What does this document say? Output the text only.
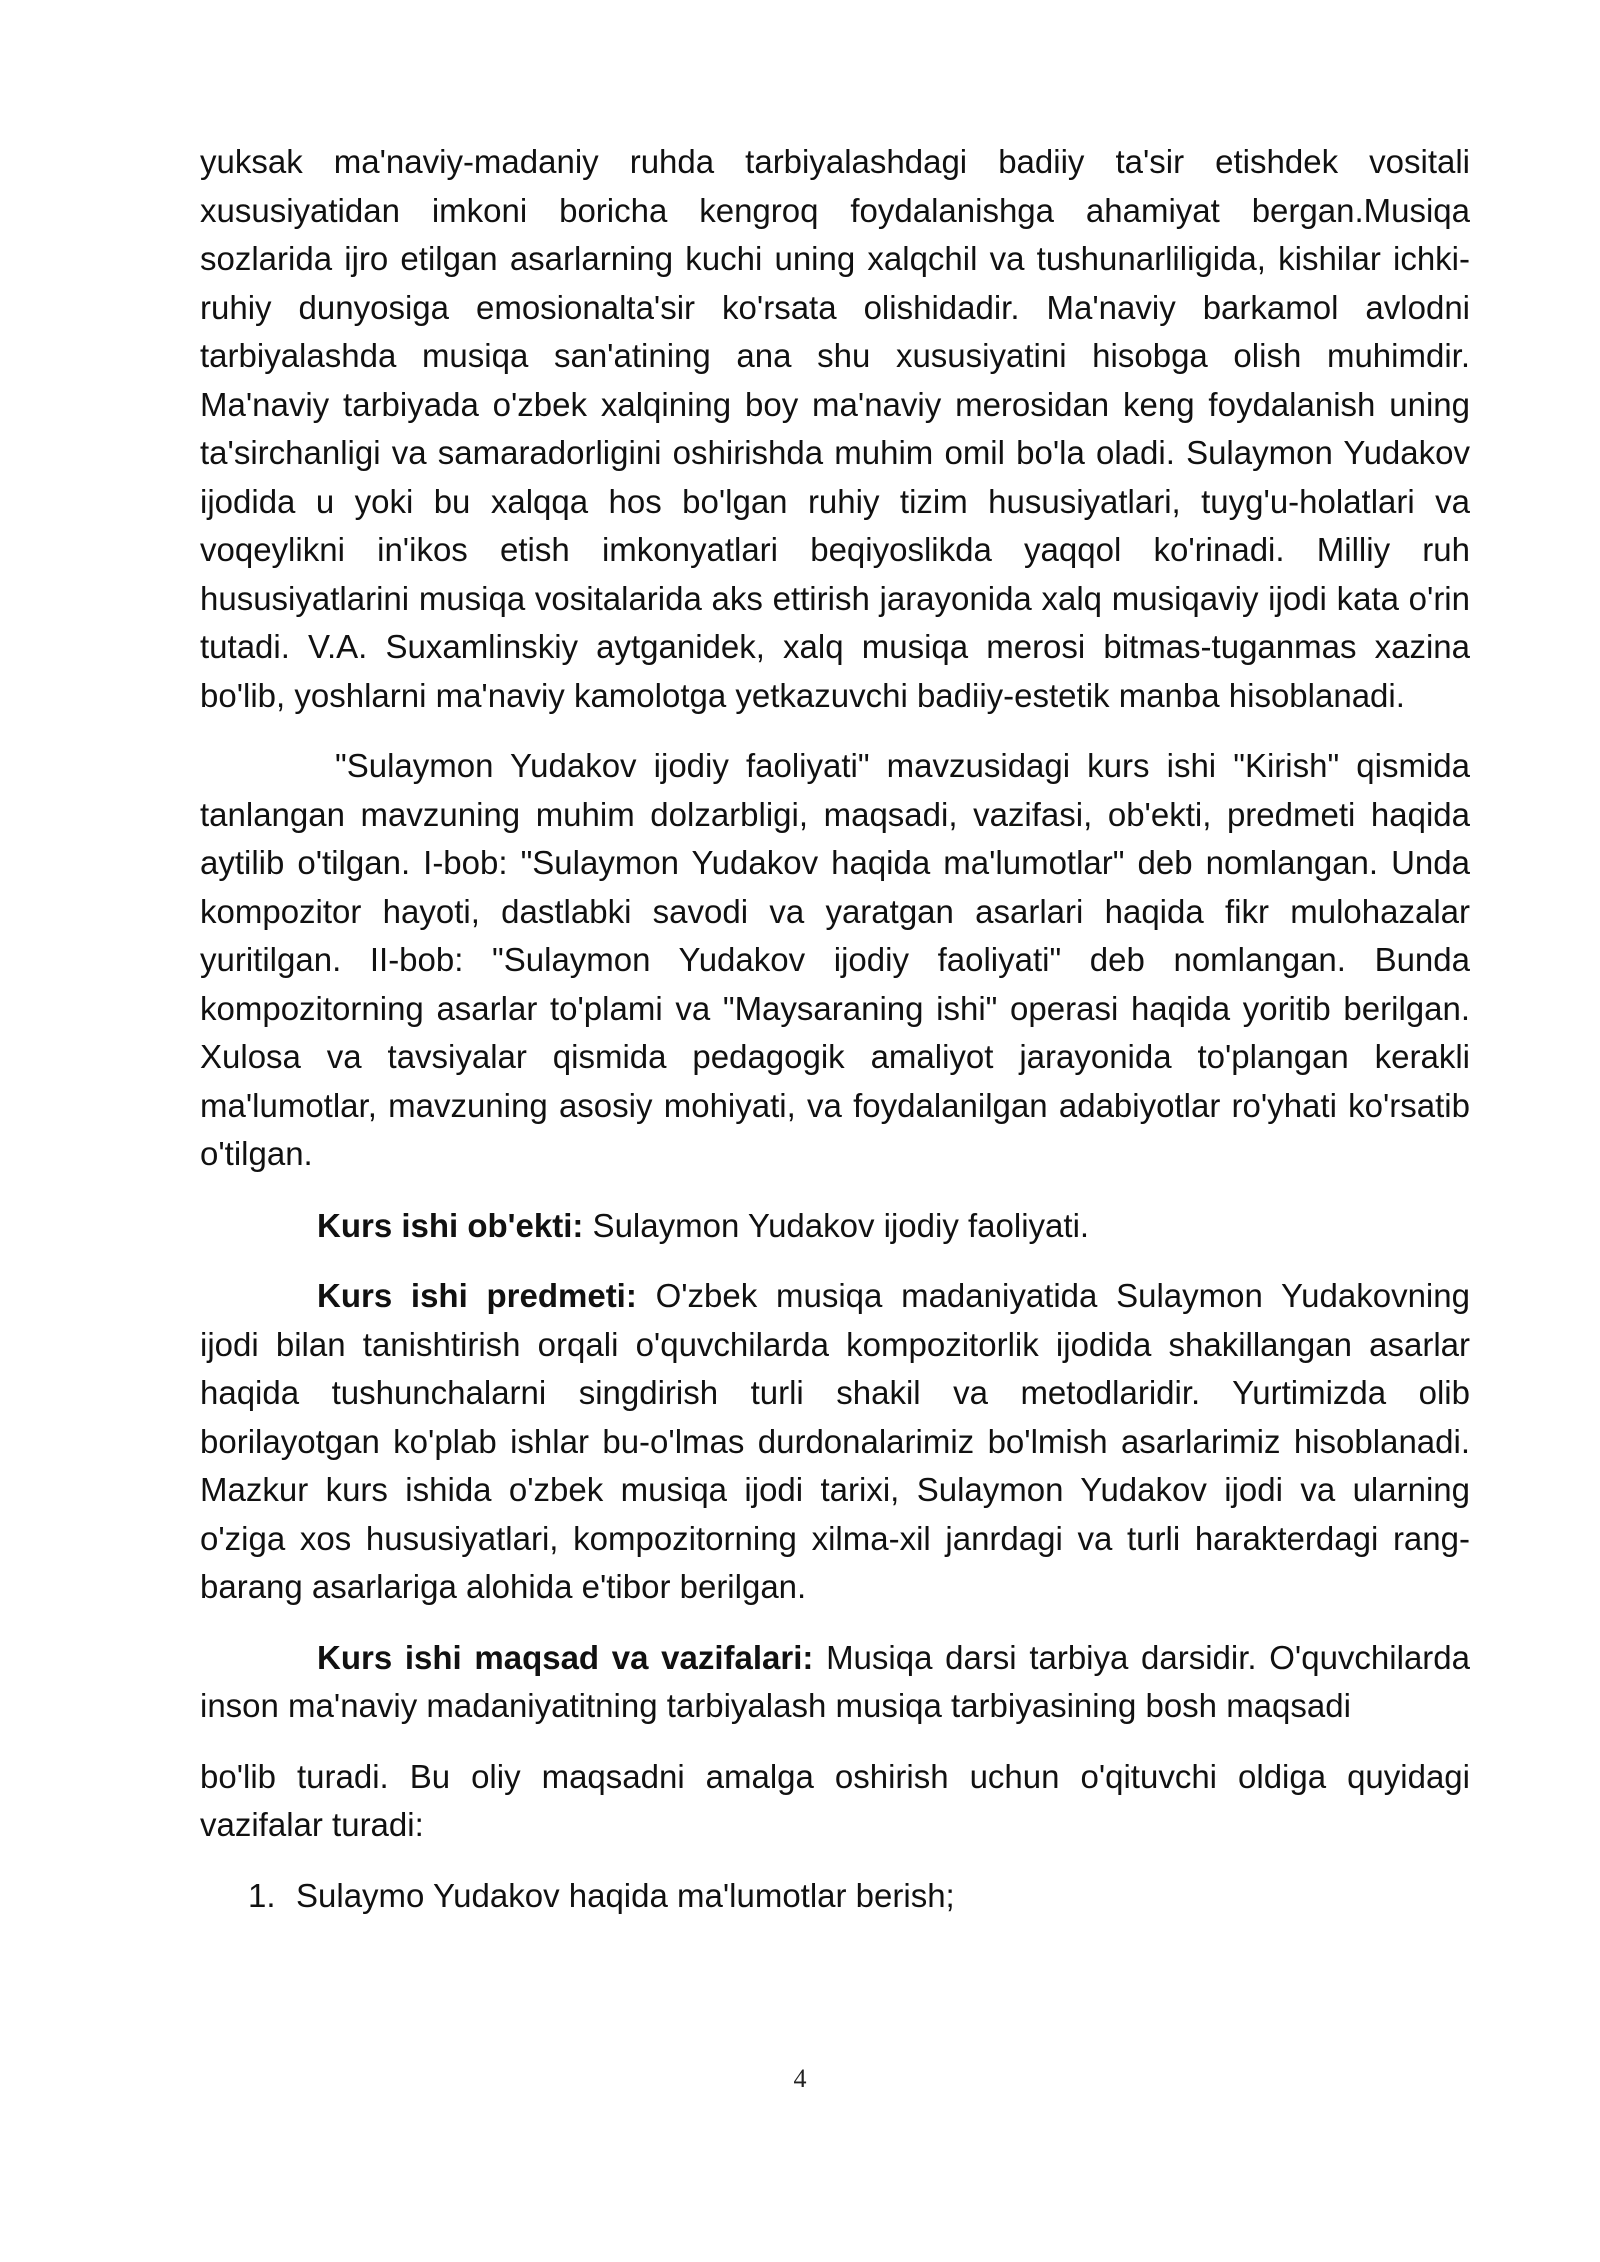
yuksak ma'naviy-madaniy ruhda tarbiyalashdagi badiiy ta'sir etishdek vositali xususiyatidan imkoni boricha kengroq foydalanishga ahamiyat bergan.Musiqa sozlarida ijro etilgan asarlarning kuchi uning xalqchil va tushunarliligida, kishilar ichki-ruhiy dunyosiga emosionalta'sir ko'rsata olishidadir. Ma'naviy barkamol avlodni tarbiyalashda musiqa san'atining ana shu xususiyatini hisobga olish muhimdir. Ma'naviy tarbiyada o'zbek xalqining boy ma'naviy merosidan keng foydalanish uning ta'sirchanligi va samaradorligini oshirishda muhim omil bo'la oladi. Sulaymon Yudakov ijodida u yoki bu xalqqa hos bo'lgan ruhiy tizim hususiyatlari, tuyg'u-holatlari va voqeylikni in'ikos etish imkonyatlari beqiyoslikda yaqqol ko'rinadi. Milliy ruh hususiyatlarini musiqa vositalarida aks ettirish jarayonida xalq musiqaviy ijodi kata o'rin tutadi. V.A. Suxamlinskiy aytganidek, xalq musiqa merosi bitmas-tuganmas xazina bo'lib, yoshlarni ma'naviy kamolotga yetkazuvchi badiiy-estetik manba hisoblanadi.

"Sulaymon Yudakov ijodiy faoliyati" mavzusidagi kurs ishi "Kirish" qismida tanlangan mavzuning muhim dolzarbligi, maqsadi, vazifasi, ob'ekti, predmeti haqida aytilib o'tilgan. I-bob: "Sulaymon Yudakov haqida ma'lumotlar" deb nomlangan. Unda kompozitor hayoti, dastlabki savodi va yaratgan asarlari haqida fikr mulohazalar yuritilgan. II-bob: "Sulaymon Yudakov ijodiy faoliyati" deb nomlangan. Bunda kompozitorning asarlar to'plami va "Maysaraning ishi" operasi haqida yoritib berilgan. Xulosa va tavsiyalar qismida pedagogik amaliyot jarayonida to'plangan kerakli ma'lumotlar, mavzuning asosiy mohiyati, va foydalanilgan adabiyotlar ro'yhati ko'rsatib o'tilgan.

Kurs ishi ob'ekti: Sulaymon Yudakov ijodiy faoliyati.

Kurs ishi predmeti: O'zbek musiqa madaniyatida Sulaymon Yudakovning ijodi bilan tanishtirish orqali o'quvchilarda kompozitorlik ijodida shakillangan asarlar haqida tushunchalarni singdirish turli shakil va metodlaridir. Yurtimizda olib borilayotgan ko'plab ishlar bu-o'lmas durdonalarimiz bo'lmish asarlarimiz hisoblanadi. Mazkur kurs ishida o'zbek musiqa ijodi tarixi, Sulaymon Yudakov ijodi va ularning o'ziga xos hususiyatlari, kompozitorning xilma-xil janrdagi va turli harakterdagi rang-barang asarlariga alohida e'tibor berilgan.

Kurs ishi maqsad va vazifalari: Musiqa darsi tarbiya darsidir. O'quvchilarda inson ma'naviy madaniyatitning tarbiyalash musiqa tarbiyasining bosh maqsadi

bo'lib turadi. Bu oliy maqsadni amalga oshirish uchun o'qituvchi oldiga quyidagi vazifalar turadi:

1. Sulaymo Yudakov haqida ma'lumotlar berish;
4
